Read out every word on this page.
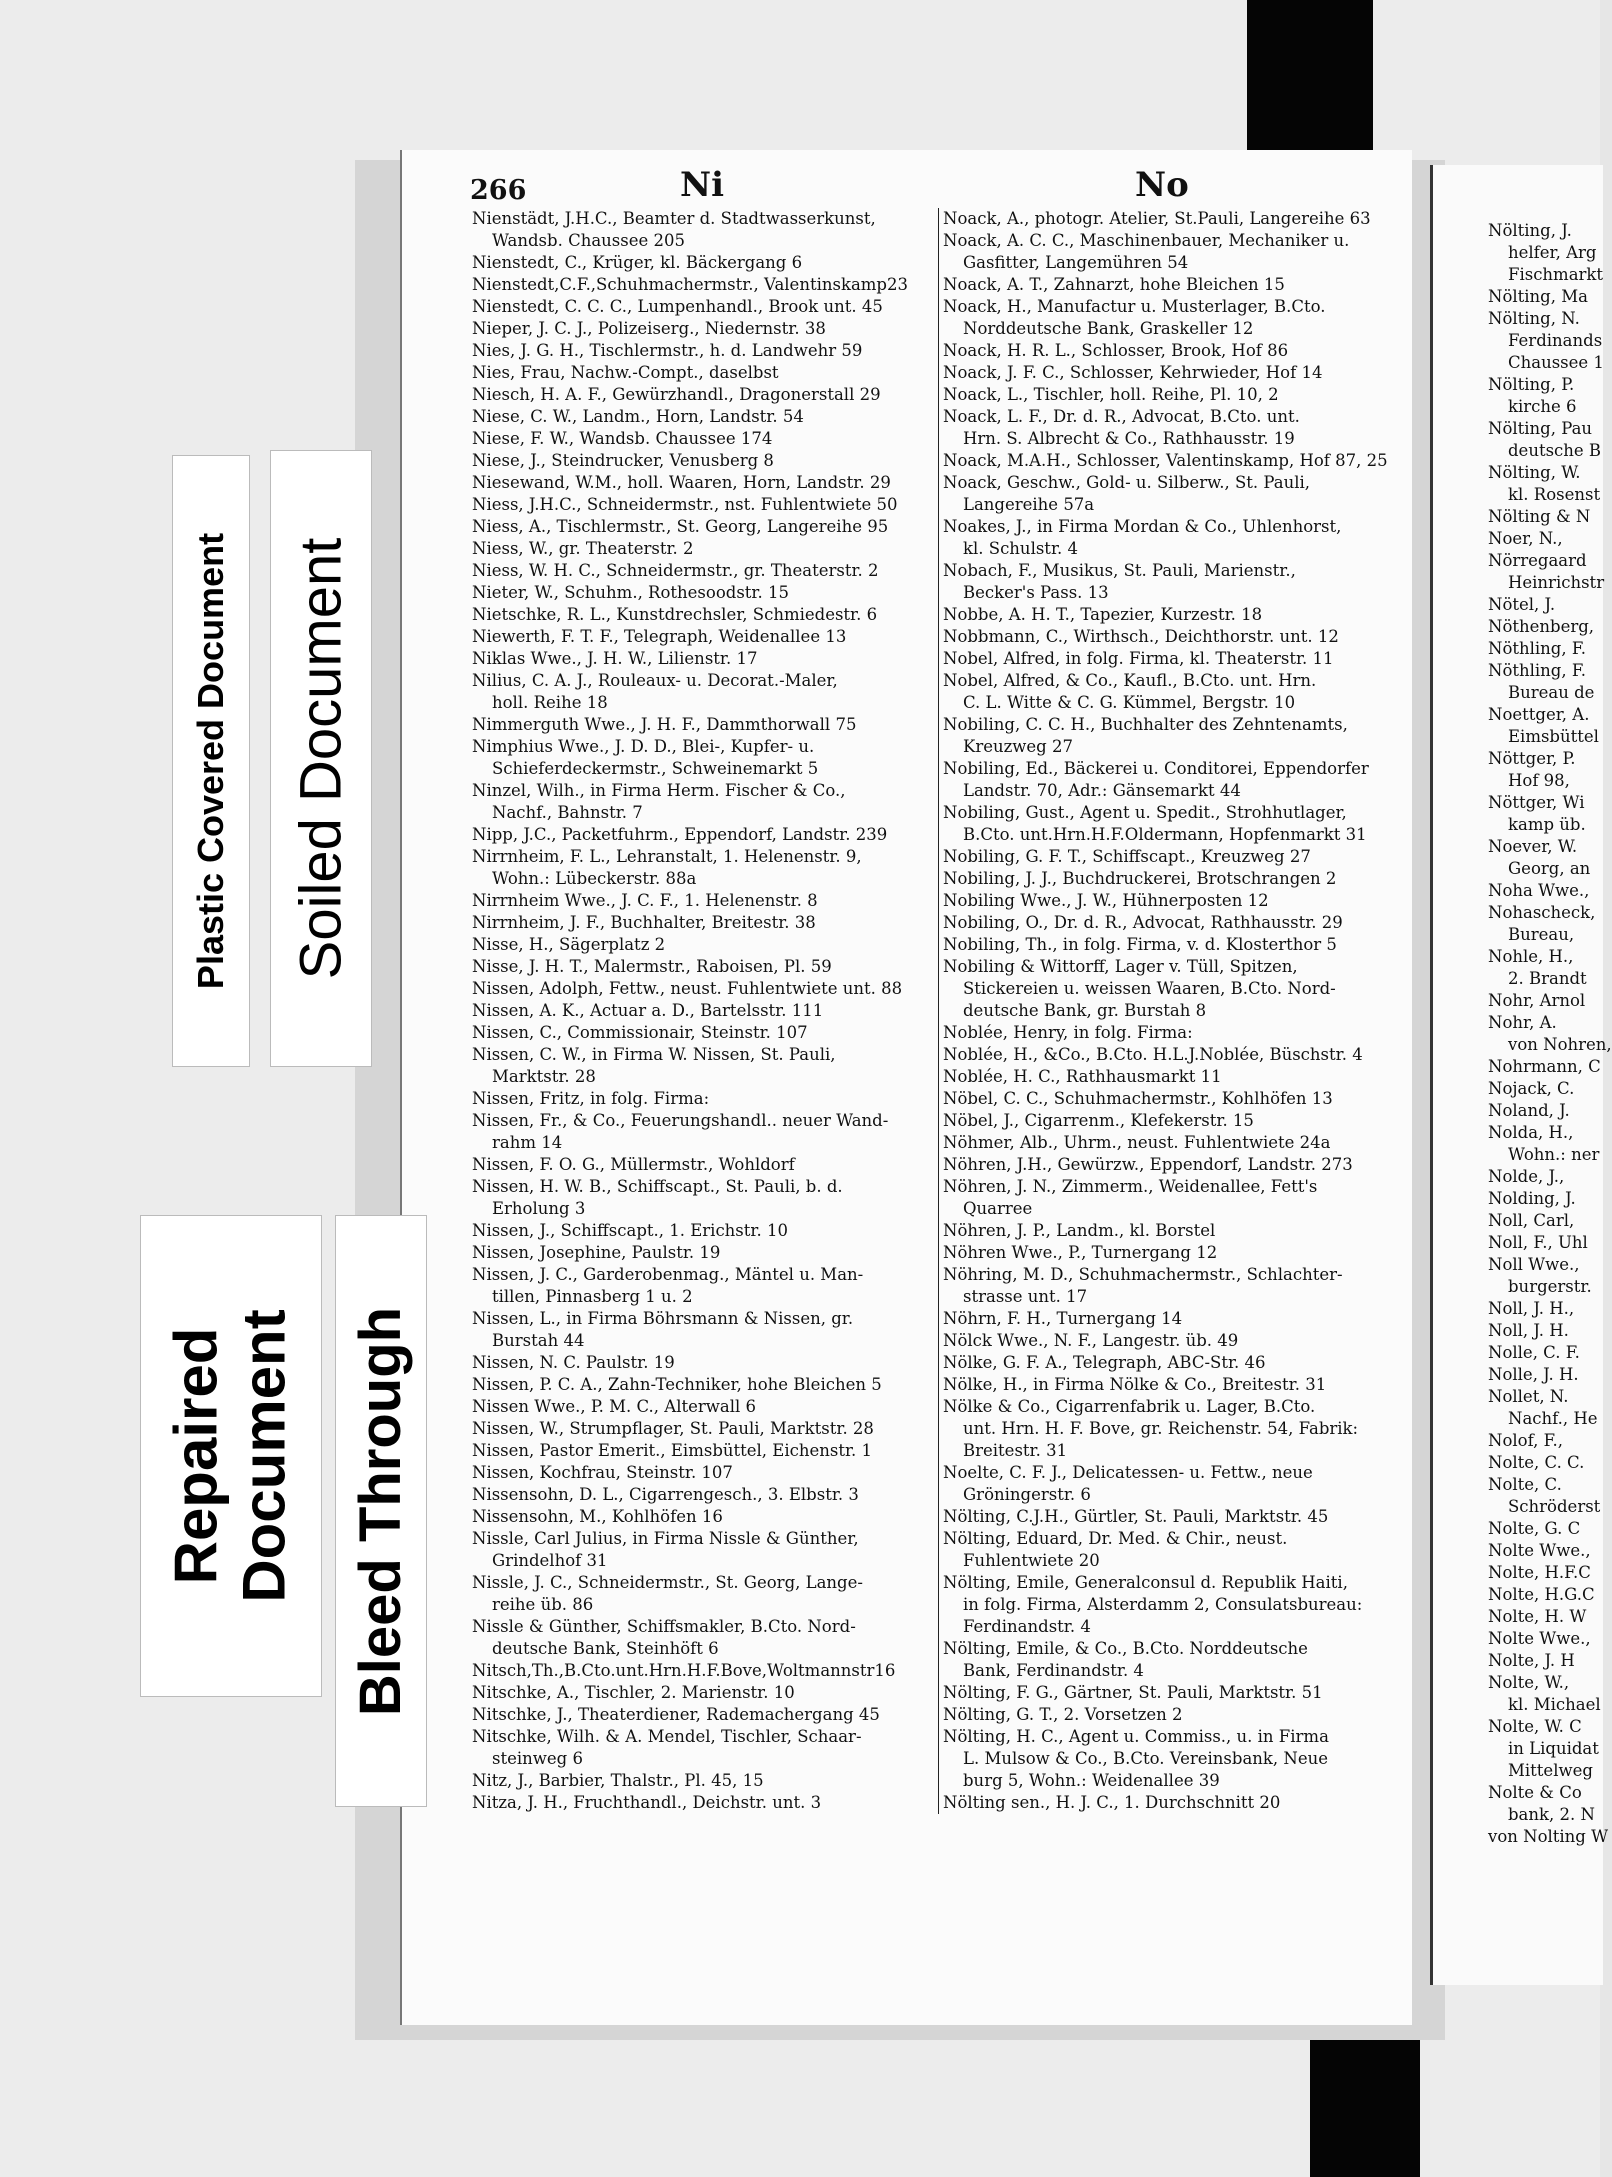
266	Ni	No
Nienstädt, J.H.C., Beamter d. Stadtwasserkunst,
Wandsb. Chaussee 205
Nienstedt, C., Krüger, kl. Bäckergang 6
Nienstedt,C.F.,Schuhmachermstr., Valentinskamp23
Nienstedt, C. C. C., Lumpenhandl., Brook unt. 45
Nieper, J. C. J., Polizeiserg., Niedernstr. 38
Nies, J. G. H., Tischlermstr., h. d. Landwehr 59
Nies, Frau, Nachw.-Compt., daselbst
Niesch, H. A. F., Gewürzhandl., Dragonerstall 29
Niese, C. W., Landm., Horn, Landstr. 54
Niese, F. W., Wandsb. Chaussee 174
Niese, J., Steindrucker, Venusberg 8
Niesewand, W.M., holl. Waaren, Horn, Landstr. 29
Niess, J.H.C., Schneidermstr., nst. Fuhlentwiete 50
Niess, A., Tischlermstr., St. Georg, Langereihe 95
Niess, W., gr. Theaterstr. 2
Niess, W. H. C., Schneidermstr., gr. Theaterstr. 2
Nieter, W., Schuhm., Rothesoodstr. 15
Nietschke, R. L., Kunstdrechsler, Schmiedestr. 6
Niewerth, F. T. F., Telegraph, Weidenallee 13
Niklas Wwe., J. H. W., Lilienstr. 17
Nilius, C. A. J., Rouleaux- u. Decorat.-Maler,
holl. Reihe 18
Nimmerguth Wwe., J. H. F., Dammthorwall 75
Nimphius Wwe., J. D. D., Blei-, Kupfer- u.
Schieferdeckermstr., Schweinemarkt 5
Ninzel, Wilh., in Firma Herm. Fischer & Co.,
Nachf., Bahnstr. 7
Nipp, J.C., Packetfuhrm., Eppendorf, Landstr. 239
Nirrnheim, F. L., Lehranstalt, 1. Helenenstr. 9,
Wohn.: Lübeckerstr. 88a
Nirrnheim Wwe., J. C. F., 1. Helenenstr. 8
Nirrnheim, J. F., Buchhalter, Breitestr. 38
Nisse, H., Sägerplatz 2
Nisse, J. H. T., Malermstr., Raboisen, Pl. 59
Nissen, Adolph, Fettw., neust. Fuhlentwiete unt. 88
Nissen, A. K., Actuar a. D., Bartelsstr. 111
Nissen, C., Commissionair, Steinstr. 107
Nissen, C. W., in Firma W. Nissen, St. Pauli,
Marktstr. 28
Nissen, Fritz, in folg. Firma:
Nissen, Fr., & Co., Feuerungshandl.. neuer Wand-
rahm 14
Nissen, F. O. G., Müllermstr., Wohldorf
Nissen, H. W. B., Schiffscapt., St. Pauli, b. d.
Erholung 3
Nissen, J., Schiffscapt., 1. Erichstr. 10
Nissen, Josephine, Paulstr. 19
Nissen, J. C., Garderobenmag., Mäntel u. Man-
tillen, Pinnasberg 1 u. 2
Nissen, L., in Firma Böhrsmann & Nissen, gr.
Burstah 44
Nissen, N. C. Paulstr. 19
Nissen, P. C. A., Zahn-Techniker, hohe Bleichen 5
Nissen Wwe., P. M. C., Alterwall 6
Nissen, W., Strumpflager, St. Pauli, Marktstr. 28
Nissen, Pastor Emerit., Eimsbüttel, Eichenstr. 1
Nissen, Kochfrau, Steinstr. 107
Nissensohn, D. L., Cigarrengesch., 3. Elbstr. 3
Nissensohn, M., Kohlhöfen 16
Nissle, Carl Julius, in Firma Nissle & Günther,
Grindelhof 31
Nissle, J. C., Schneidermstr., St. Georg, Lange-
reihe üb. 86
Nissle & Günther, Schiffsmakler, B.Cto. Nord-
deutsche Bank, Steinhöft 6
Nitsch,Th.,B.Cto.unt.Hrn.H.F.Bove,Woltmannstr16
Nitschke, A., Tischler, 2. Marienstr. 10
Nitschke, J., Theaterdiener, Rademachergang 45
Nitschke, Wilh. & A. Mendel, Tischler, Schaar-
steinweg 6
Nitz, J., Barbier, Thalstr., Pl. 45, 15
Nitza, J. H., Fruchthandl., Deichstr. unt. 3
Noack, A., photogr. Atelier, St.Pauli, Langereihe 63
Noack, A. C. C., Maschinenbauer, Mechaniker u.
Gasfitter, Langemühren 54
Noack, A. T., Zahnarzt, hohe Bleichen 15
Noack, H., Manufactur u. Musterlager, B.Cto.
Norddeutsche Bank, Graskeller 12
Noack, H. R. L., Schlosser, Brook, Hof 86
Noack, J. F. C., Schlosser, Kehrwieder, Hof 14
Noack, L., Tischler, holl. Reihe, Pl. 10, 2
Noack, L. F., Dr. d. R., Advocat, B.Cto. unt.
Hrn. S. Albrecht & Co., Rathhausstr. 19
Noack, M.A.H., Schlosser, Valentinskamp, Hof 87, 25
Noack, Geschw., Gold- u. Silberw., St. Pauli,
Langereihe 57a
Noakes, J., in Firma Mordan & Co., Uhlenhorst,
kl. Schulstr. 4
Nobach, F., Musikus, St. Pauli, Marienstr.,
Becker's Pass. 13
Nobbe, A. H. T., Tapezier, Kurzestr. 18
Nobbmann, C., Wirthsch., Deichthorstr. unt. 12
Nobel, Alfred, in folg. Firma, kl. Theaterstr. 11
Nobel, Alfred, & Co., Kaufl., B.Cto. unt. Hrn.
C. L. Witte & C. G. Kümmel, Bergstr. 10
Nobiling, C. C. H., Buchhalter des Zehntenamts,
Kreuzweg 27
Nobiling, Ed., Bäckerei u. Conditorei, Eppendorfer
Landstr. 70, Adr.: Gänsemarkt 44
Nobiling, Gust., Agent u. Spedit., Strohhutlager,
B.Cto. unt.Hrn.H.F.Oldermann, Hopfenmarkt 31
Nobiling, G. F. T., Schiffscapt., Kreuzweg 27
Nobiling, J. J., Buchdruckerei, Brotschrangen 2
Nobiling Wwe., J. W., Hühnerposten 12
Nobiling, O., Dr. d. R., Advocat, Rathhausstr. 29
Nobiling, Th., in folg. Firma, v. d. Klosterthor 5
Nobiling & Wittorff, Lager v. Tüll, Spitzen,
Stickereien u. weissen Waaren, B.Cto. Nord-
deutsche Bank, gr. Burstah 8
Noblée, Henry, in folg. Firma:
Noblée, H., &Co., B.Cto. H.L.J.Noblée, Büschstr. 4
Noblée, H. C., Rathhausmarkt 11
Nöbel, C. C., Schuhmachermstr., Kohlhöfen 13
Nöbel, J., Cigarrenm., Klefekerstr. 15
Nöhmer, Alb., Uhrm., neust. Fuhlentwiete 24a
Nöhren, J.H., Gewürzw., Eppendorf, Landstr. 273
Nöhren, J. N., Zimmerm., Weidenallee, Fett's
Quarree
Nöhren, J. P., Landm., kl. Borstel
Nöhren Wwe., P., Turnergang 12
Nöhring, M. D., Schuhmachermstr., Schlachter-
strasse unt. 17
Nöhrn, F. H., Turnergang 14
Nölck Wwe., N. F., Langestr. üb. 49
Nölke, G. F. A., Telegraph, ABC-Str. 46
Nölke, H., in Firma Nölke & Co., Breitestr. 31
Nölke & Co., Cigarrenfabrik u. Lager, B.Cto.
unt. Hrn. H. F. Bove, gr. Reichenstr. 54, Fabrik:
Breitestr. 31
Noelte, C. F. J., Delicatessen- u. Fettw., neue
Gröningerstr. 6
Nölting, C.J.H., Gürtler, St. Pauli, Marktstr. 45
Nölting, Eduard, Dr. Med. & Chir., neust.
Fuhlentwiete 20
Nölting, Emile, Generalconsul d. Republik Haiti,
in folg. Firma, Alsterdamm 2, Consulatsbureau:
Ferdinandstr. 4
Nölting, Emile, & Co., B.Cto. Norddeutsche
Bank, Ferdinandstr. 4
Nölting, F. G., Gärtner, St. Pauli, Marktstr. 51
Nölting, G. T., 2. Vorsetzen 2
Nölting, H. C., Agent u. Commiss., u. in Firma
L. Mulsow & Co., B.Cto. Vereinsbank, Neue
burg 5, Wohn.: Weidenallee 39
Nölting sen., H. J. C., 1. Durchschnitt 20
Nölting, J.
helfer, Arg
Fischmarkt
Nölting, Ma
Nölting, N.
Ferdinands
Chaussee 1
Nölting, P.
kirche 6
Nölting, Pau
deutsche B
Nölting, W.
kl. Rosenst
Nölting & N
Noer, N.,
Nörregaard
Heinrichstr
Nötel, J.
Nöthenberg,
Nöthling, F.
Nöthling, F.
Bureau de
Noettger, A.
Eimsbüttel
Nöttger, P.
Hof 98,
Nöttger, Wi
kamp üb.
Noever, W.
Georg, an
Noha Wwe.,
Nohascheck,
Bureau,
Nohle, H.,
2. Brandt
Nohr, Arnol
Nohr, A.
von Nohren,
Nohrmann, C
Nojack, C.
Noland, J.
Nolda, H.,
Wohn.: ner
Nolde, J.,
Nolding, J.
Noll, Carl,
Noll, F., Uhl
Noll Wwe.,
burgerstr.
Noll, J. H.,
Noll, J. H.
Nolle, C. F.
Nolle, J. H.
Nollet, N.
Nachf., He
Nolof, F.,
Nolte, C. C.
Nolte, C.
Schröderst
Nolte, G. C
Nolte Wwe.,
Nolte, H.F.C
Nolte, H.G.C
Nolte, H. W
Nolte Wwe.,
Nolte, J. H
Nolte, W.,
kl. Michael
Nolte, W. C
in Liquidat
Mittelweg
Nolte & Co
bank, 2. N
von Nolting W
Plastic Covered Document Soiled Document
Repaired Document Bleed Through
